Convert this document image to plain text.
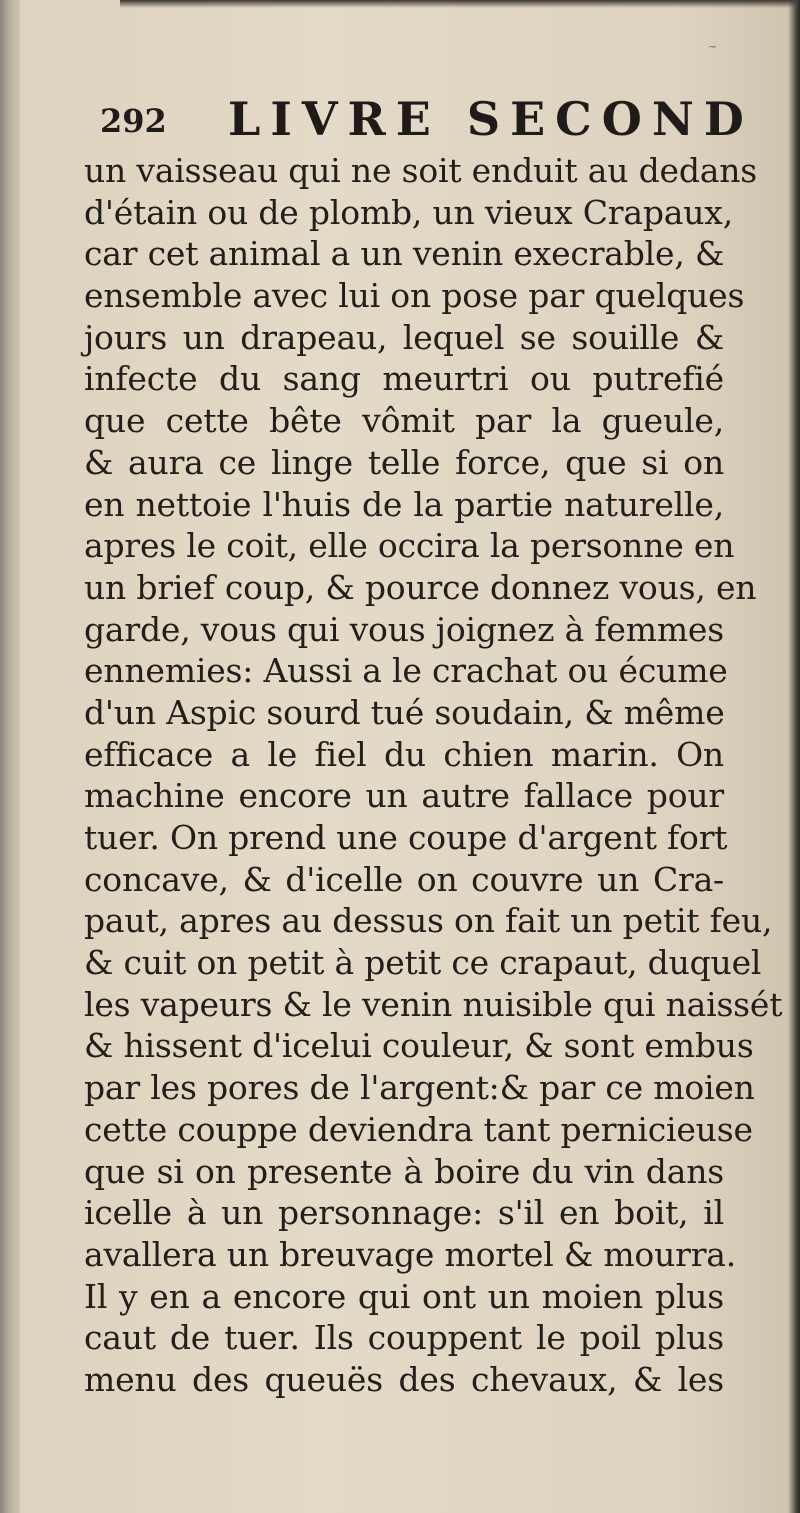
~
292 LIVRE SECOND
un vaisseau qui ne soit enduit au dedans
d'étain ou de plomb, un vieux Crapaux,
car cet animal a un venin execrable, &
ensemble avec lui on pose par quelques
jours un drapeau, lequel se souille &
infecte du sang meurtri ou putrefié
que cette bête vômit par la gueule,
& aura ce linge telle force, que si on
en nettoie l'huis de la partie naturelle,
apres le coit, elle occira la personne en
un brief coup, & pource donnez vous, en
garde, vous qui vous joignez à femmes
ennemies: Aussi a le crachat ou écume
d'un Aspic sourd tué soudain, & même
efficace a le fiel du chien marin. On
machine encore un autre fallace pour
tuer. On prend une coupe d'argent fort
concave, & d'icelle on couvre un Cra-
paut, apres au dessus on fait un petit feu,
& cuit on petit à petit ce crapaut, duquel
les vapeurs & le venin nuisible qui naissét
& hissent d'icelui couleur, & sont embus
par les pores de l'argent:& par ce moien
cette couppe deviendra tant pernicieuse
que si on presente à boire du vin dans
icelle à un personnage: s'il en boit, il
avallera un breuvage mortel & mourra.
Il y en a encore qui ont un moien plus
caut de tuer. Ils couppent le poil plus
menu des queuës des chevaux, & les
